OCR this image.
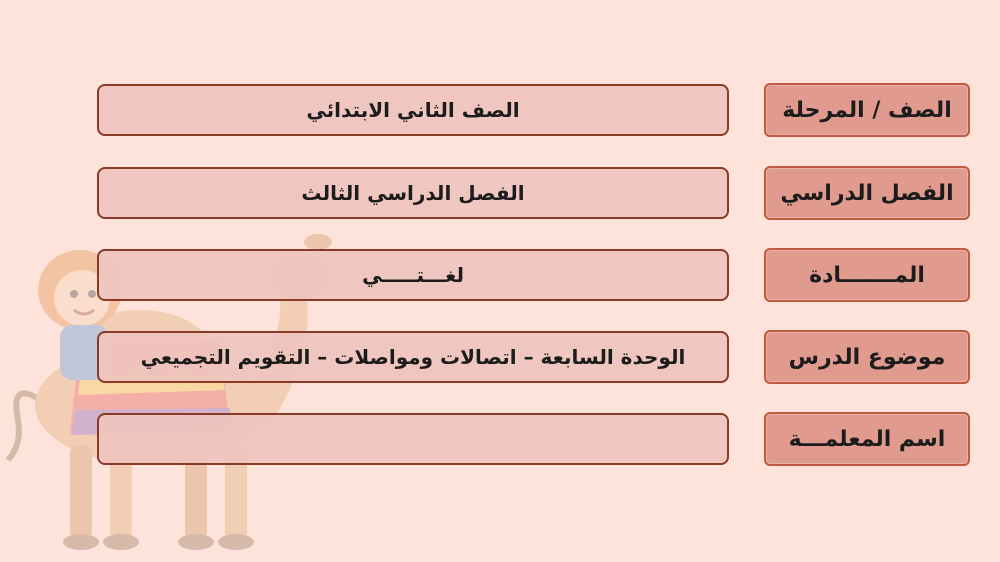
الصف الثاني الابتدائي	الصف / المرحلة
الفصل الدراسي الثالث	الفصل الدراسي
لغـــتـــــي	المـــــــادة
الوحدة السابعة – اتصالات ومواصلات – التقويم التجميعي	موضوع الدرس
اسم المعلمـــة
